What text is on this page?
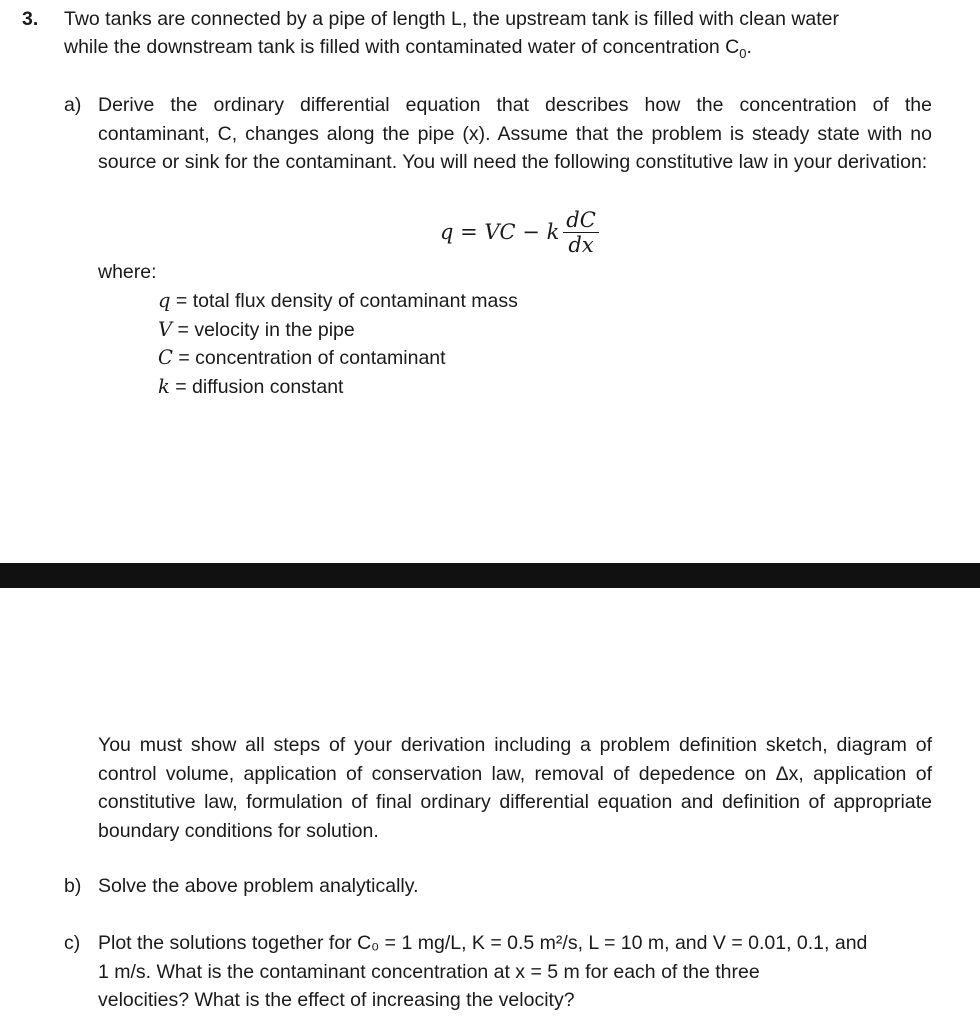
3. Two tanks are connected by a pipe of length L, the upstream tank is filled with clean water
while the downstream tank is filled with contaminated water of concentration $C_0$.
a) Derive the ordinary differential equation that describes how the concentration of the contaminant, C, changes along the pipe (x). Assume that the problem is steady state with no source or sink for the contaminant. You will need the following constitutive law in your derivation:

q = VC − k $\frac{dC}{dx}$
where:
q = total flux density of contaminant mass
V = velocity in the pipe
C = concentration of contaminant
k = diffusion constant

You must show all steps of your derivation including a problem definition sketch, diagram of control volume, application of conservation law, removal of depedence on Δx, application of constitutive law, formulation of final ordinary differential equation and definition of appropriate boundary conditions for solution.

b) Solve the above problem analytically.
c) Plot the solutions together for C₀ = 1 mg/L, K = 0.5 m²/s, L = 10 m, and V = 0.01, 0.1, and
1 m/s. What is the contaminant concentration at x = 5 m for each of the three
velocities? What is the effect of increasing the velocity?
